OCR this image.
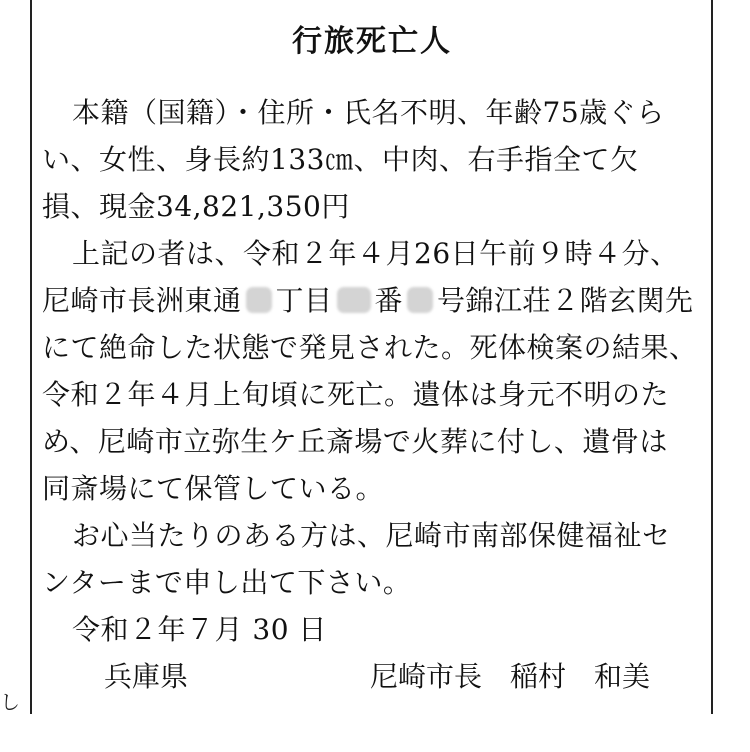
し
行旅死亡人
本籍（国籍）・住所・氏名不明、年齢75歳ぐら
い、女性、身長約133㎝、中肉、右手指全て欠
損、現金34,821,350円
上記の者は、令和２年４月26日午前９時４分、
尼崎市長洲東通 丁目 番 号錦江荘２階玄関先
にて絶命した状態で発見された。死体検案の結果、
令和２年４月上旬頃に死亡。遺体は身元不明のた
め、尼崎市立弥生ケ丘斎場で火葬に付し、遺骨は
同斎場にて保管している。
お心当たりのある方は、尼崎市南部保健福祉セ
ンターまで申し出て下さい。
令和２年７月 30 日
兵庫県	尼崎市長　稲村　和美
